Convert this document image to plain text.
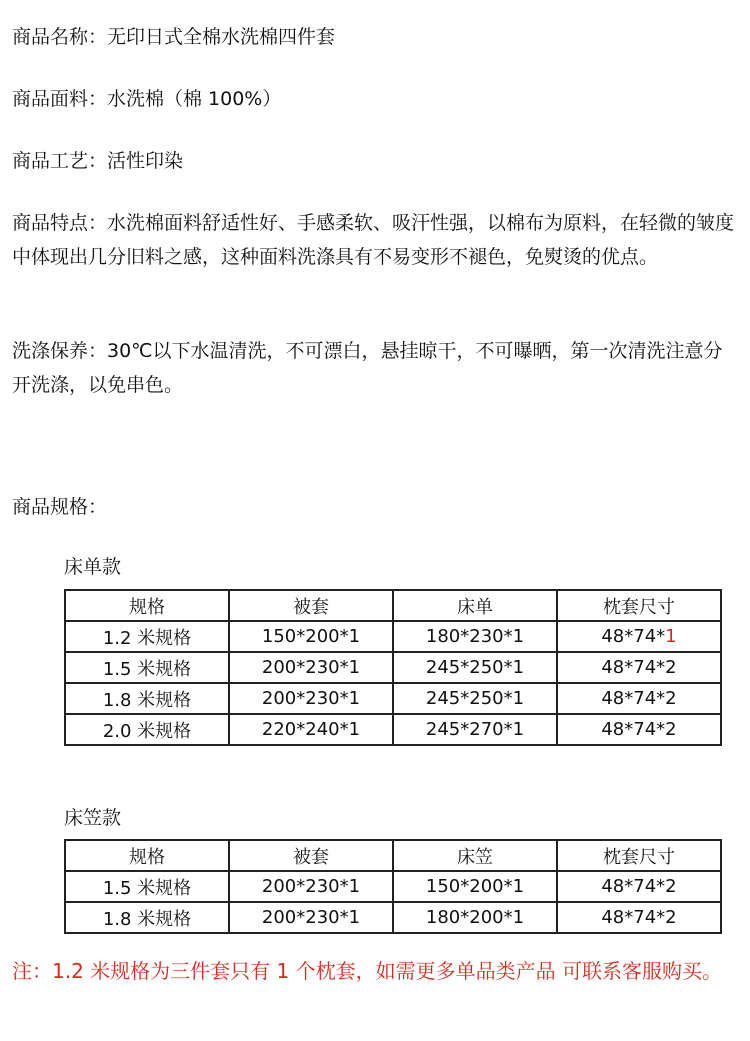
商品名称：无印日式全棉水洗棉四件套
商品面料：水洗棉（棉 100%）
商品工艺：活性印染
商品特点：水洗棉面料舒适性好、手感柔软、吸汗性强，以棉布为原料，在轻微的皱度中体现出几分旧料之感，这种面料洗涤具有不易变形不褪色，免熨烫的优点。
洗涤保养：30℃以下水温清洗，不可漂白，悬挂晾干，不可曝晒，第一次清洗注意分开洗涤，以免串色。
商品规格：
床单款
规格	被套	床单	枕套尺寸
1.2 米规格	150*200*1	180*230*1	48*74*1
1.5 米规格	200*230*1	245*250*1	48*74*2
1.8 米规格	200*230*1	245*250*1	48*74*2
2.0 米规格	220*240*1	245*270*1	48*74*2
床笠款
规格	被套	床笠	枕套尺寸
1.5 米规格	200*230*1	150*200*1	48*74*2
1.8 米规格	200*230*1	180*200*1	48*74*2
注：1.2 米规格为三件套只有 1 个枕套，如需更多单品类产品 可联系客服购买。
